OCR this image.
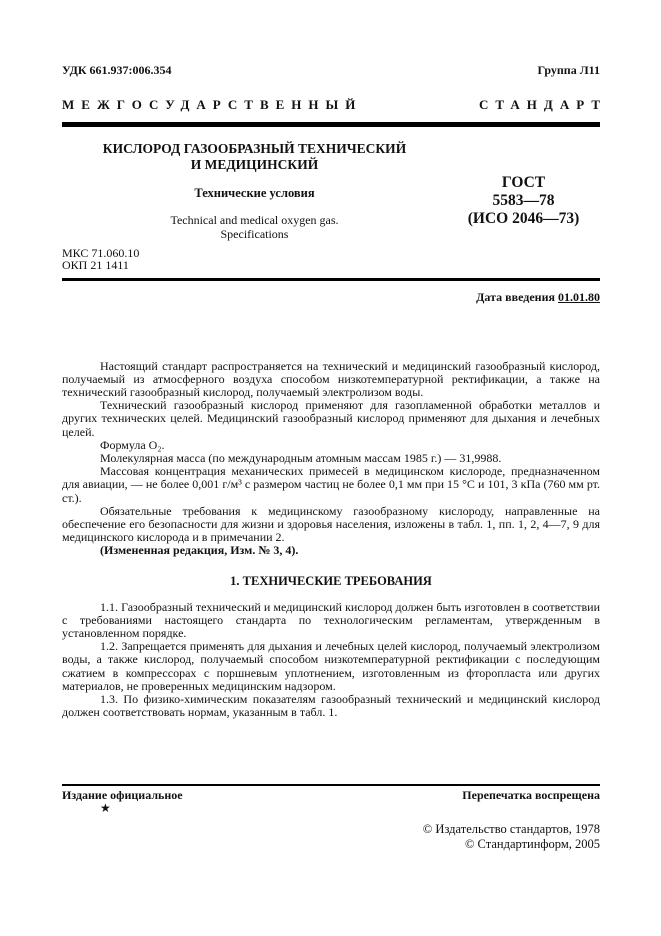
УДК 661.937:006.354	Группа Л11
МЕЖГОСУДАРСТВЕННЫЙ	СТАНДАРТ
КИСЛОРОД ГАЗООБРАЗНЫЙ ТЕХНИЧЕСКИЙ
И МЕДИЦИНСКИЙ
Технические условия
Technical and medical oxygen gas.
Specifications
ГОСТ
5583—78
(ИСО 2046—73)
МКС 71.060.10
ОКП 21 1411
Дата введения 01.01.80

Настоящий стандарт распространяется на технический и медицинский газообразный кислород, получаемый из атмосферного воздуха способом низкотемпературной ректификации, а также на технический газообразный кислород, получаемый электролизом воды.

Технический газообразный кислород применяют для газопламенной обработки металлов и других технических целей. Медицинский газообразный кислород применяют для дыхания и лечебных целей.

Формула О₂.

Молекулярная масса (по международным атомным массам 1985 г.) — 31,9988.

Массовая концентрация механических примесей в медицинском кислороде, предназначенном для авиации, — не более 0,001 г/м³ с размером частиц не более 0,1 мм при 15 °С и 101, 3 кПа (760 мм рт. ст.).

Обязательные требования к медицинскому газообразному кислороду, направленные на обеспечение его безопасности для жизни и здоровья населения, изложены в табл. 1, пп. 1, 2, 4—7, 9 для медицинского кислорода и в примечании 2.

(Измененная редакция, Изм. № 3, 4).

1. ТЕХНИЧЕСКИЕ ТРЕБОВАНИЯ

1.1. Газообразный технический и медицинский кислород должен быть изготовлен в соответствии с требованиями настоящего стандарта по технологическим регламентам, утвержденным в установленном порядке.

1.2. Запрещается применять для дыхания и лечебных целей кислород, получаемый электролизом воды, а также кислород, получаемый способом низкотемпературной ректификации с последующим сжатием в компрессорах с поршневым уплотнением, изготовленным из фторопласта или других материалов, не проверенных медицинским надзором.

1.3. По физико-химическим показателям газообразный технический и медицинский кислород должен соответствовать нормам, указанным в табл. 1.

Издание официальное	Перепечатка воспрещена
★
© Издательство стандартов, 1978
© Стандартинформ, 2005
